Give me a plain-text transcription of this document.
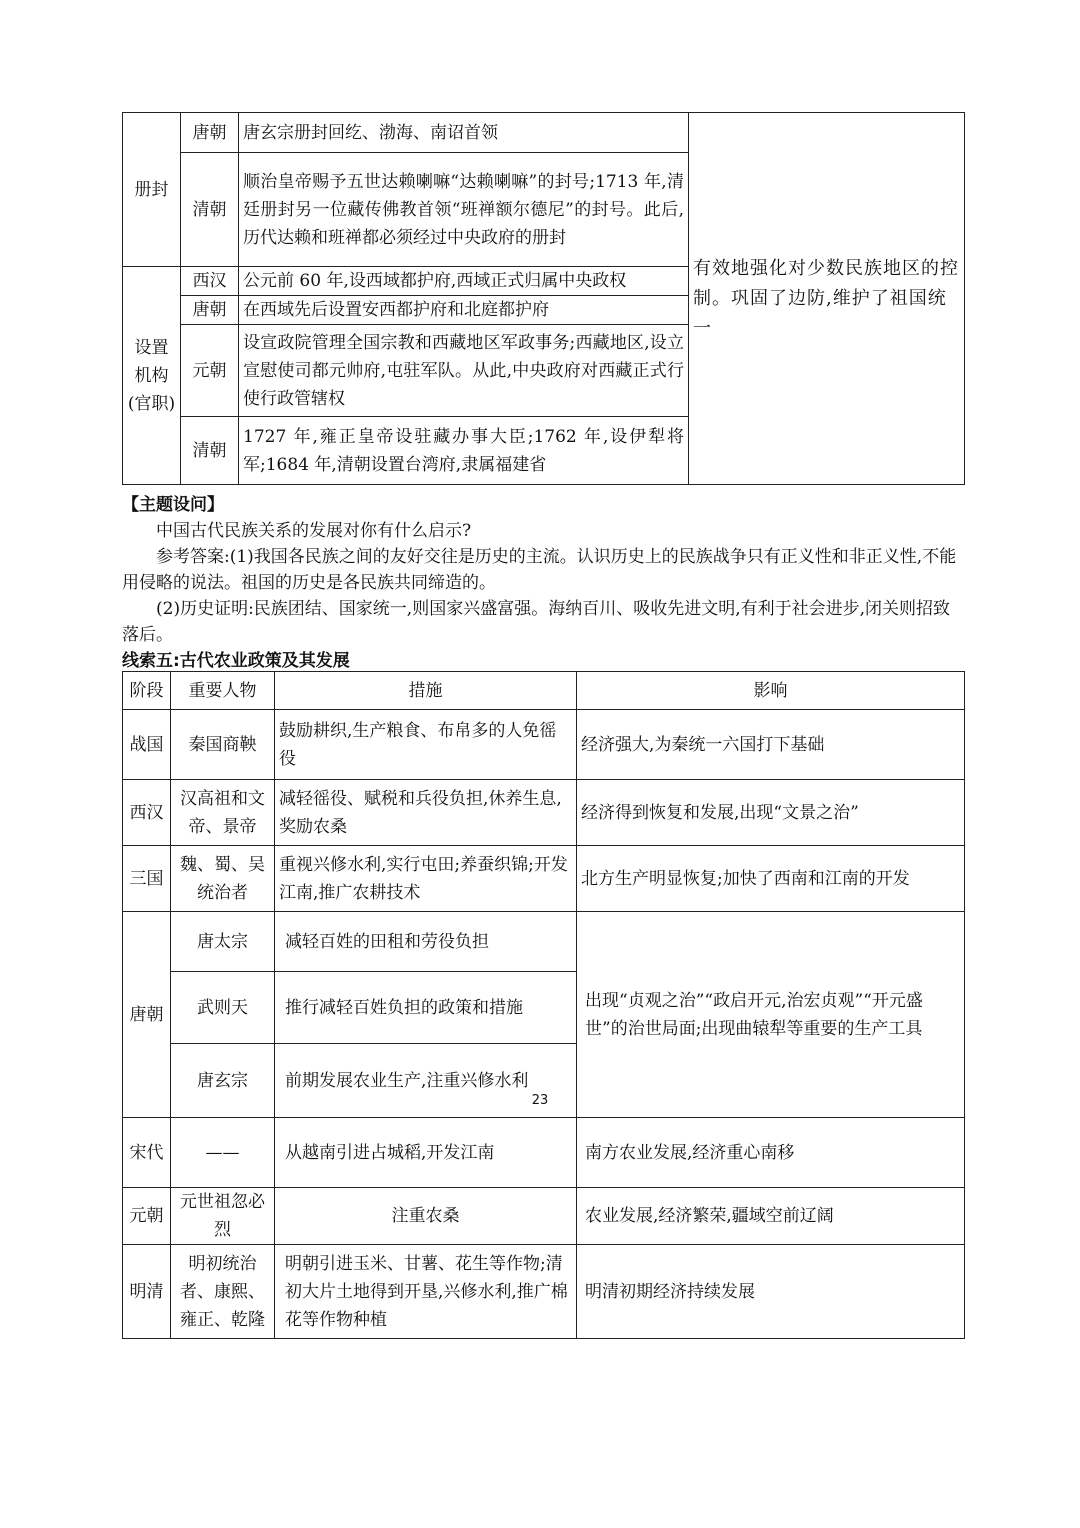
册封	唐朝	唐玄宗册封回纥、渤海、南诏首领	有效地强化对少数民族地区的控制。巩固了边防,维护了祖国统一
	清朝	顺治皇帝赐予五世达赖喇嘛“达赖喇嘛”的封号;1713 年,清廷册封另一位藏传佛教首领“班禅额尔德尼”的封号。此后,历代达赖和班禅都必须经过中央政府的册封	
设置机构(官职)	西汉	公元前 60 年,设西域都护府,西域正式归属中央政权	
	唐朝	在西域先后设置安西都护府和北庭都护府	
	元朝	设宣政院管理全国宗教和西藏地区军政事务;西藏地区,设立宣慰使司都元帅府,屯驻军队。从此,中央政府对西藏正式行使行政管辖权	
	清朝	1727 年,雍正皇帝设驻藏办事大臣;1762 年,设伊犁将军;1684 年,清朝设置台湾府,隶属福建省	
【主题设问】
中国古代民族关系的发展对你有什么启示?
参考答案:(1)我国各民族之间的友好交往是历史的主流。认识历史上的民族战争只有正义性和非正义性,不能用侵略的说法。祖国的历史是各民族共同缔造的。
(2)历史证明:民族团结、国家统一,则国家兴盛富强。海纳百川、吸收先进文明,有利于社会进步,闭关则招致落后。
线索五:古代农业政策及其发展
阶段	重要人物	措施	影响
战国	秦国商鞅	鼓励耕织,生产粮食、布帛多的人免徭役	经济强大,为秦统一六国打下基础
西汉	汉高祖和文帝、景帝	减轻徭役、赋税和兵役负担,休养生息,奖励农桑	经济得到恢复和发展,出现“文景之治”
三国	魏、蜀、吴统治者	重视兴修水利,实行屯田;养蚕织锦;开发江南,推广农耕技术	北方生产明显恢复;加快了西南和江南的开发
唐朝	唐太宗	减轻百姓的田租和劳役负担	出现“贞观之治”“政启开元,治宏贞观”“开元盛世”的治世局面;出现曲辕犁等重要的生产工具
	武则天	推行减轻百姓负担的政策和措施	
	唐玄宗	前期发展农业生产,注重兴修水利	
宋代	——	从越南引进占城稻,开发江南	南方农业发展,经济重心南移
元朝	元世祖忽必烈	注重农桑	农业发展,经济繁荣,疆域空前辽阔
明清	明初统治者、康熙、雍正、乾隆	明朝引进玉米、甘薯、花生等作物;清初大片土地得到开垦,兴修水利,推广棉花等作物种植	明清初期经济持续发展
23
